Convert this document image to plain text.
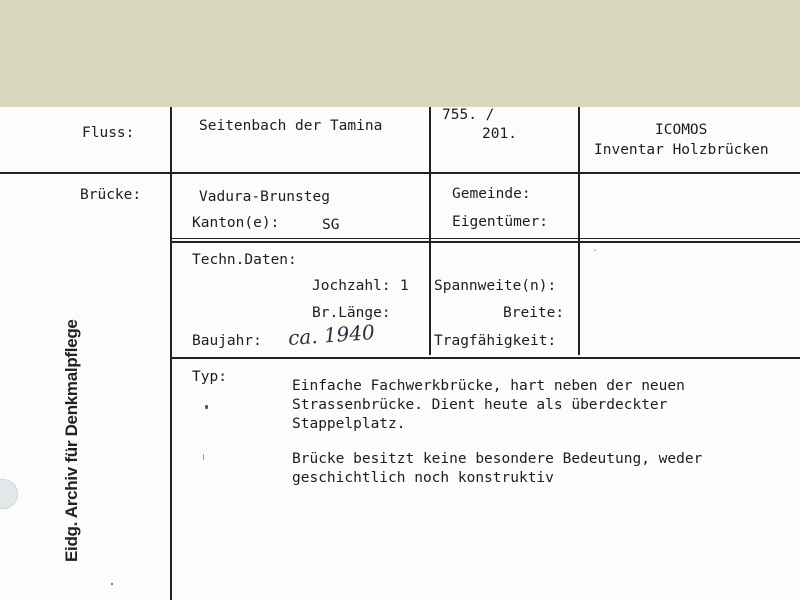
Fluss:	Seitenbach der Tamina
755. /
201.	ICOMOS
Inventar Holzbrücken
Brücke:	Vadura-Brunsteg
Kanton(e):	SG
Gemeinde:
Eigentümer:
Techn.Daten:
Jochzahl: 1
Br.Länge:
Baujahr: ca. 1940
Spannweite(n):
Breite:
Tragfähigkeit:
Typ:
Einfache Fachwerkbrücke, hart neben der neuen
Strassenbrücke. Dient heute als überdeckter
Stappelplatz.
Brücke besitzt keine besondere Bedeutung, weder
geschichtlich noch konstruktiv
Eidg. Archiv für Denkmalpflege
